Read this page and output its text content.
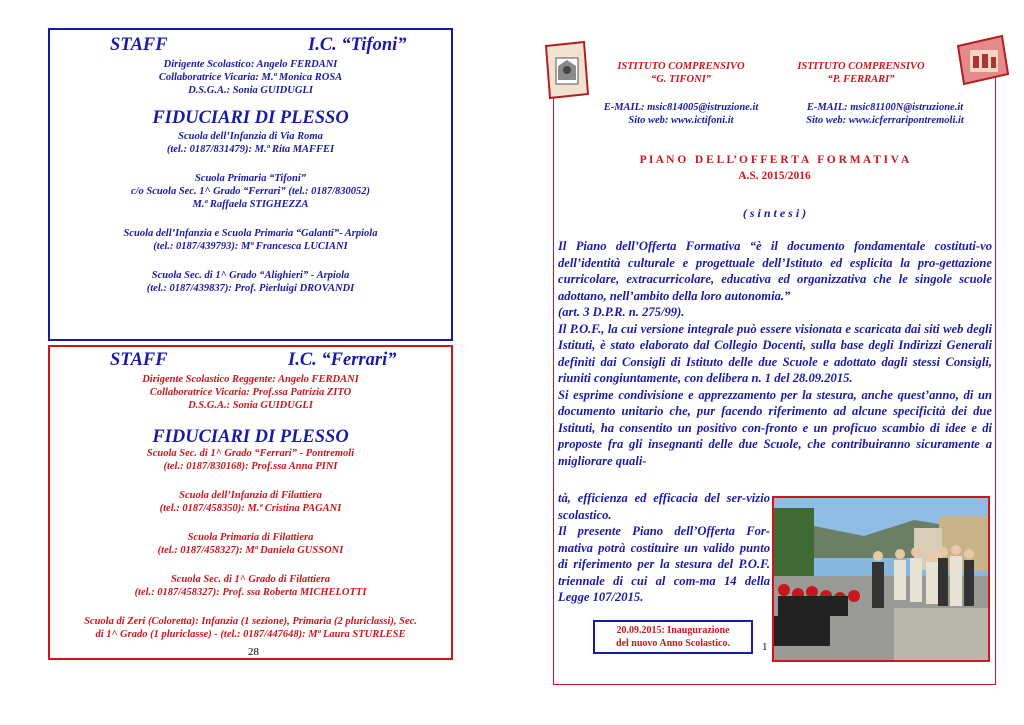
STAFF	I.C. “Tifoni”
Dirigente Scolastico: Angelo FERDANI
Collaboratrice Vicaria: M.ª Monica ROSA
D.S.G.A.: Sonia GUIDUGLI
FIDUCIARI DI PLESSO
Scuola dell’Infanzia di Via Roma
(tel.: 0187/831479): M.ª Rita MAFFEI
Scuola Primaria “Tifoni”
c/o Scuola Sec. 1^ Grado “Ferrari” (tel.: 0187/830052)
M.ª Raffaela STIGHEZZA
Scuola dell’Infanzia e Scuola Primaria “Galanti”- Arpiola
(tel.: 0187/439793): Mª Francesca LUCIANI
Scuola Sec. di 1^ Grado “Alighieri” - Arpiola
(tel.: 0187/439837): Prof. Pierluigi DROVANDI
STAFF	I.C. “Ferrari”
Dirigente Scolastico Reggente: Angelo FERDANI
Collaboratrice Vicaria: Prof.ssa Patrizia ZITO
D.S.G.A.: Sonia GUIDUGLI
FIDUCIARI DI PLESSO
Scuola Sec. di 1^ Grado “Ferrari” - Pontremoli
(tel.: 0187/830168): Prof.ssa Anna PINI
Scuola dell’Infanzia di Filattiera
(tel.: 0187/458350): M.ª Cristina PAGANI
Scuola Primaria di Filattiera
(tel.: 0187/458327): Mª Daniela GUSSONI
Scuola Sec. di 1^ Grado di Filattiera
(tel.: 0187/458327): Prof. ssa Roberta MICHELOTTI
Scuola di Zeri (Coloretta): Infanzia (1 sezione), Primaria (2 pluriclassi), Sec.
di 1^ Grado (1 pluriclasse) - (tel.: 0187/447648): Mª Laura STURLESE
28
ISTITUTO COMPRENSIVO
“G. TIFONI”
E-MAIL: msic814005@istruzione.it
Sito web: www.ictifoni.it
ISTITUTO COMPRENSIVO
“P. FERRARI”
E-MAIL: msic81100N@istruzione.it
Sito web: www.icferraripontremoli.it
P I A N O   D E L L’ O F F E R T A   F O R M A T I V A
A.S. 2015/2016
( s i n t e s i )

Il Piano dell’Offerta Formativa “è il documento fondamentale costituti-vo dell’identità culturale e progettuale dell’Istituto ed esplicita la pro-gettazione curricolare, extracurricolare, educativa ed organizzativa che le singole scuole adottano, nell’ambito della loro autonomia.”

(art. 3 D.P.R. n. 275/99).

Il P.O.F., la cui versione integrale può essere visionata e scaricata dai siti web degli Istituti, è stato elaborato dal Collegio Docenti, sulla base degli Indirizzi Generali definiti dai Consigli di Istituto delle due Scuole e adottato dagli stessi Consigli, riuniti congiuntamente, con delibera n. 1 del 28.09.2015.

Si esprime condivisione e apprezzamento per la stesura, anche quest’anno, di un documento unitario che, pur facendo riferimento ad alcune specificità dei due Istituti, ha consentito un positivo con-fronto e un proficuo scambio di idee e di proposte fra gli insegnanti delle due Scuole, che contribuiranno sicuramente a migliorare quali-

tà, efficienza ed efficacia del ser-vizio scolastico.

Il presente Piano dell’Offerta For-mativa potrà costituire un valido punto di riferimento per la stesura del P.O.F. triennale di cui al com-ma 14 della Legge 107/2015.

20.09.2015: Inaugurazione
del nuovo Anno Scolastico.	1
